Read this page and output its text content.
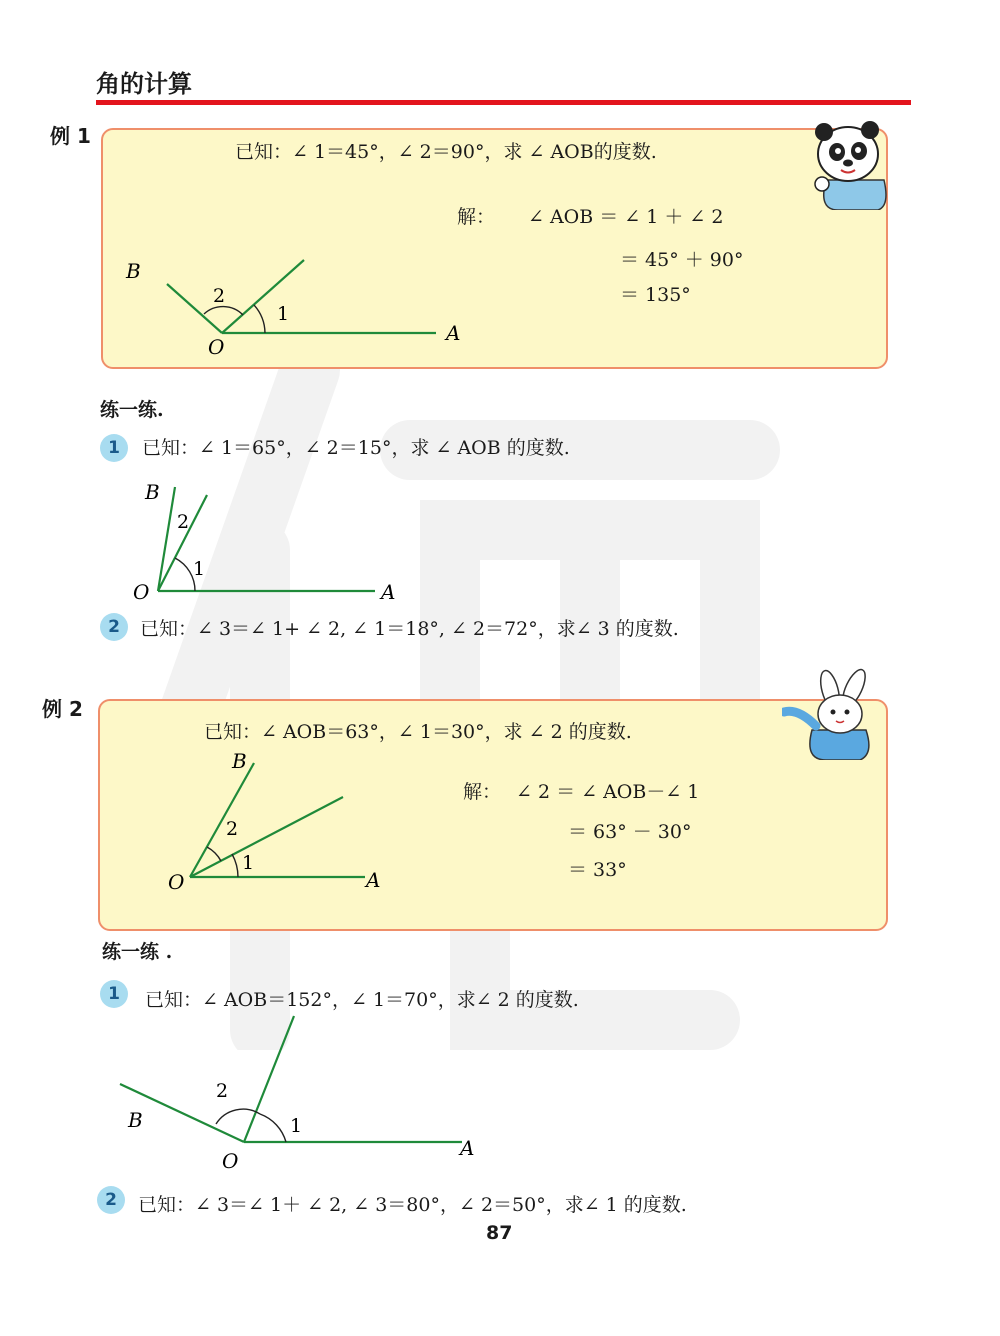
角的计算
例 1
已知：∠ 1＝45°，∠ 2＝90°，求 ∠ AOB的度数.
解： ∠ AOB ＝ ∠ 1 ＋ ∠ 2
＝ 45° ＋ 90°
＝ 135°
B
O
A
1
2
练一练.
1	已知：∠ 1＝65°，∠ 2＝15°，求 ∠ AOB 的度数.
B
O	A
1
2
2	已知：∠ 3＝∠ 1+ ∠ 2, ∠ 1＝18°, ∠ 2＝72°，求∠ 3 的度数.
例 2
已知：∠ AOB＝63°，∠ 1＝30°，求 ∠ 2 的度数.
解： ∠ 2 ＝ ∠ AOB－∠ 1
＝ 63° － 30°
＝ 33°
B
O	A
1
2
练一练 .
1	已知：∠ AOB＝152°，∠ 1＝70°，求∠ 2 的度数.
B
O
A
1
2
2	已知：∠ 3＝∠ 1＋ ∠ 2, ∠ 3＝80°，∠ 2＝50°，求∠ 1 的度数.
87
